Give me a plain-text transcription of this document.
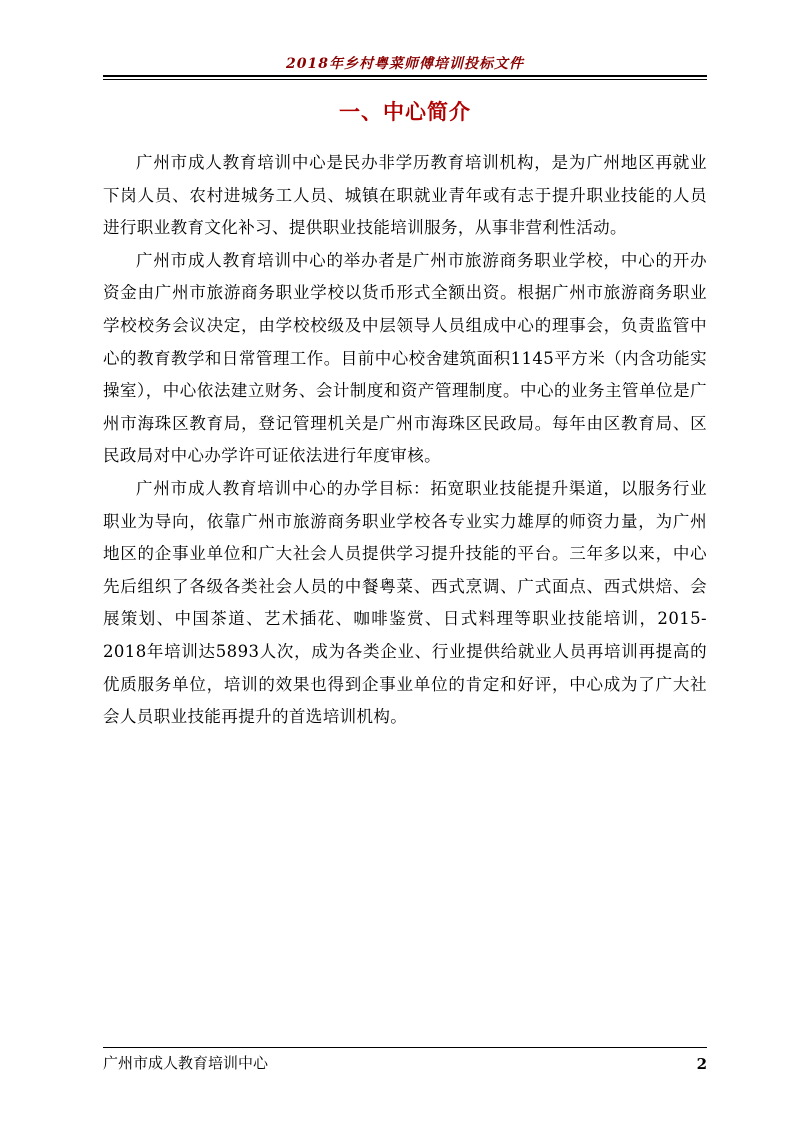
2018年乡村粤菜师傅培训投标文件
一、中心简介

广州市成人教育培训中心是民办非学历教育培训机构，是为广州地区再就业下岗人员、农村进城务工人员、城镇在职就业青年或有志于提升职业技能的人员进行职业教育文化补习、提供职业技能培训服务，从事非营利性活动。

广州市成人教育培训中心的举办者是广州市旅游商务职业学校，中心的开办资金由广州市旅游商务职业学校以货币形式全额出资。根据广州市旅游商务职业学校校务会议决定，由学校校级及中层领导人员组成中心的理事会，负责监管中心的教育教学和日常管理工作。目前中心校舍建筑面积1145平方米（内含功能实操室），中心依法建立财务、会计制度和资产管理制度。中心的业务主管单位是广州市海珠区教育局，登记管理机关是广州市海珠区民政局。每年由区教育局、区民政局对中心办学许可证依法进行年度审核。

广州市成人教育培训中心的办学目标：拓宽职业技能提升渠道，以服务行业职业为导向，依靠广州市旅游商务职业学校各专业实力雄厚的师资力量，为广州地区的企事业单位和广大社会人员提供学习提升技能的平台。三年多以来，中心先后组织了各级各类社会人员的中餐粤菜、西式烹调、广式面点、西式烘焙、会展策划、中国茶道、艺术插花、咖啡鉴赏、日式料理等职业技能培训，2015-2018年培训达5893人次，成为各类企业、行业提供给就业人员再培训再提高的优质服务单位，培训的效果也得到企事业单位的肯定和好评，中心成为了广大社会人员职业技能再提升的首选培训机构。

广州市成人教育培训中心	2
